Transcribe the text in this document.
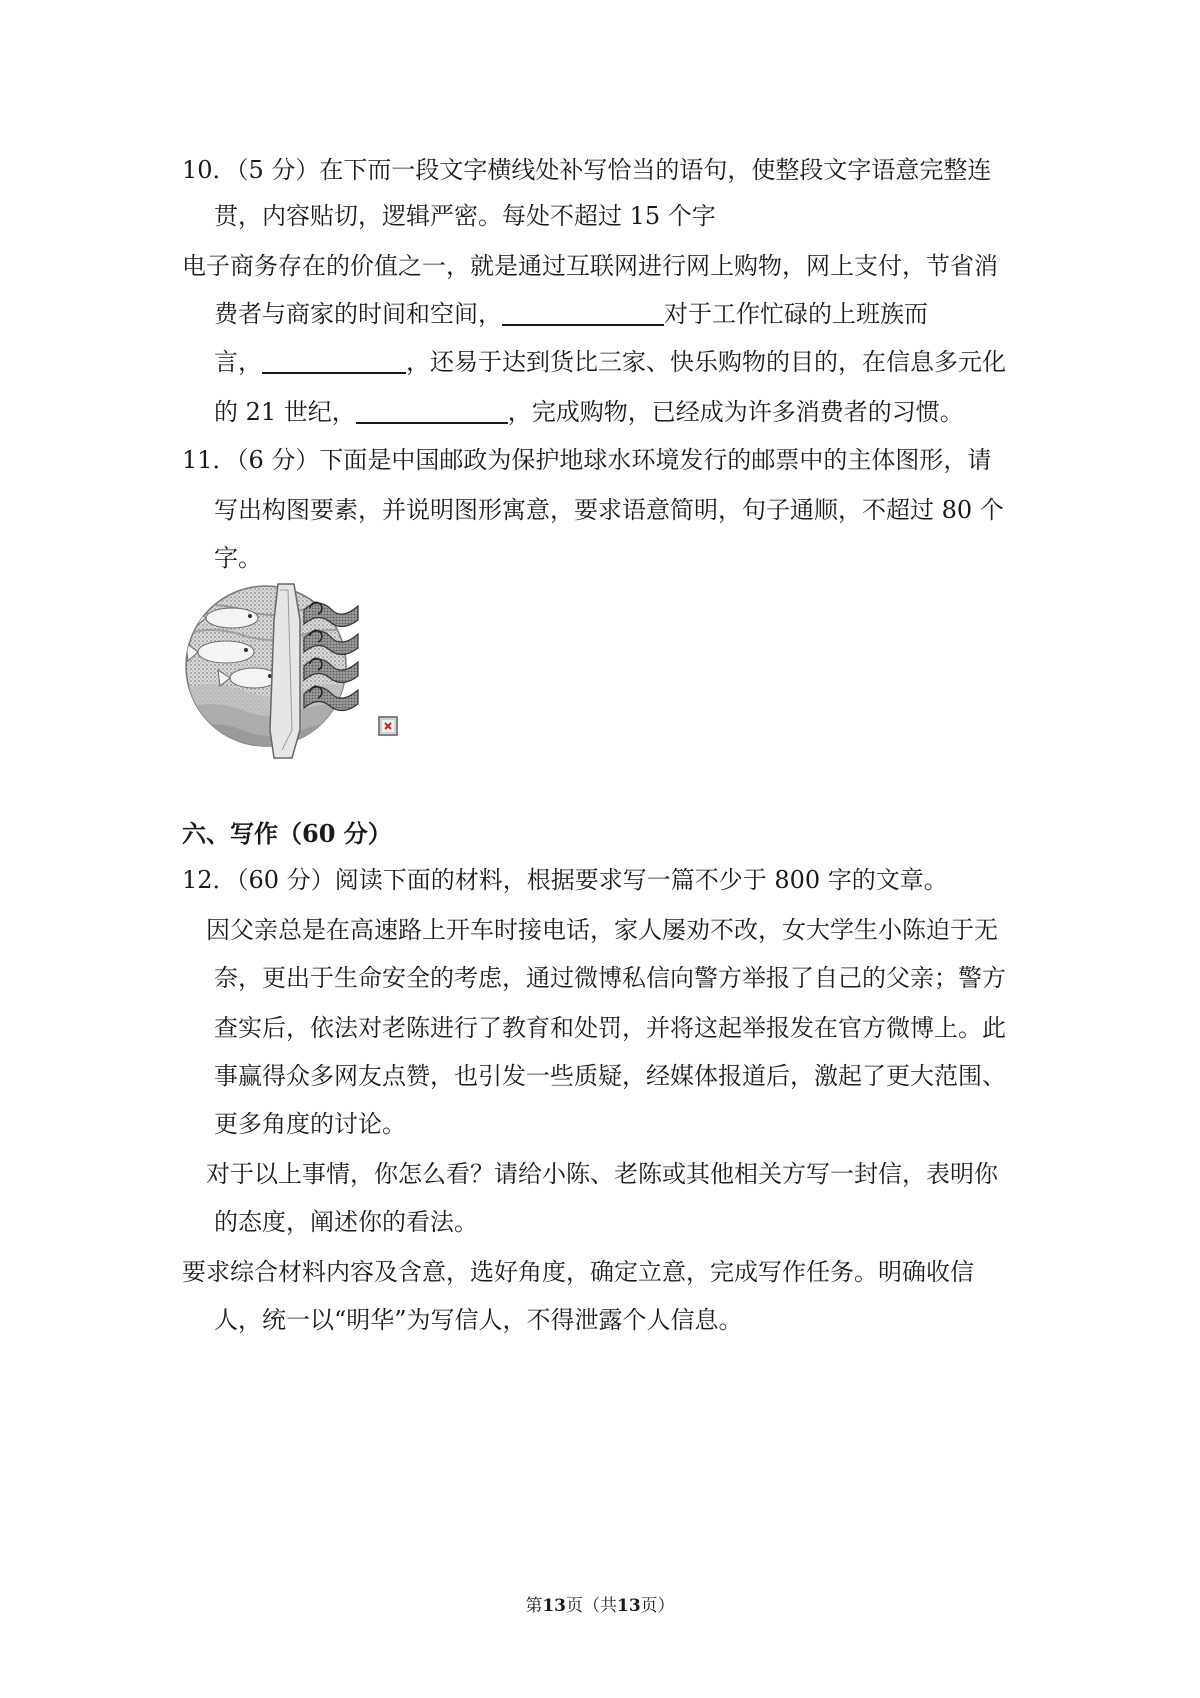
10．（5 分）在下而一段文字横线处补写恰当的语句，使整段文字语意完整连
贯，内容贴切，逻辑严密。每处不超过 15 个字
电子商务存在的价值之一，就是通过互联网进行网上购物，网上支付，节省消
费者与商家的时间和空间，	对于工作忙碌的上班族而
言，	，还易于达到货比三家、快乐购物的目的，在信息多元化
的 21 世纪，	，完成购物，已经成为许多消费者的习惯。
11．（6 分）下面是中国邮政为保护地球水环境发行的邮票中的主体图形，请
写出构图要素，并说明图形寓意，要求语意简明，句子通顺，不超过 80 个
字。
六、写作（60 分）
12．（60 分）阅读下面的材料，根据要求写一篇不少于 800 字的文章。
因父亲总是在高速路上开车时接电话，家人屡劝不改，女大学生小陈迫于无
奈，更出于生命安全的考虑，通过微博私信向警方举报了自己的父亲；警方
查实后，依法对老陈进行了教育和处罚，并将这起举报发在官方微博上。此
事赢得众多网友点赞，也引发一些质疑，经媒体报道后，激起了更大范围、
更多角度的讨论。
对于以上事情，你怎么看？请给小陈、老陈或其他相关方写一封信，表明你
的态度，阐述你的看法。
要求综合材料内容及含意，选好角度，确定立意，完成写作任务。明确收信
人，统一以“明华”为写信人，不得泄露个人信息。
第13页（共13页）
